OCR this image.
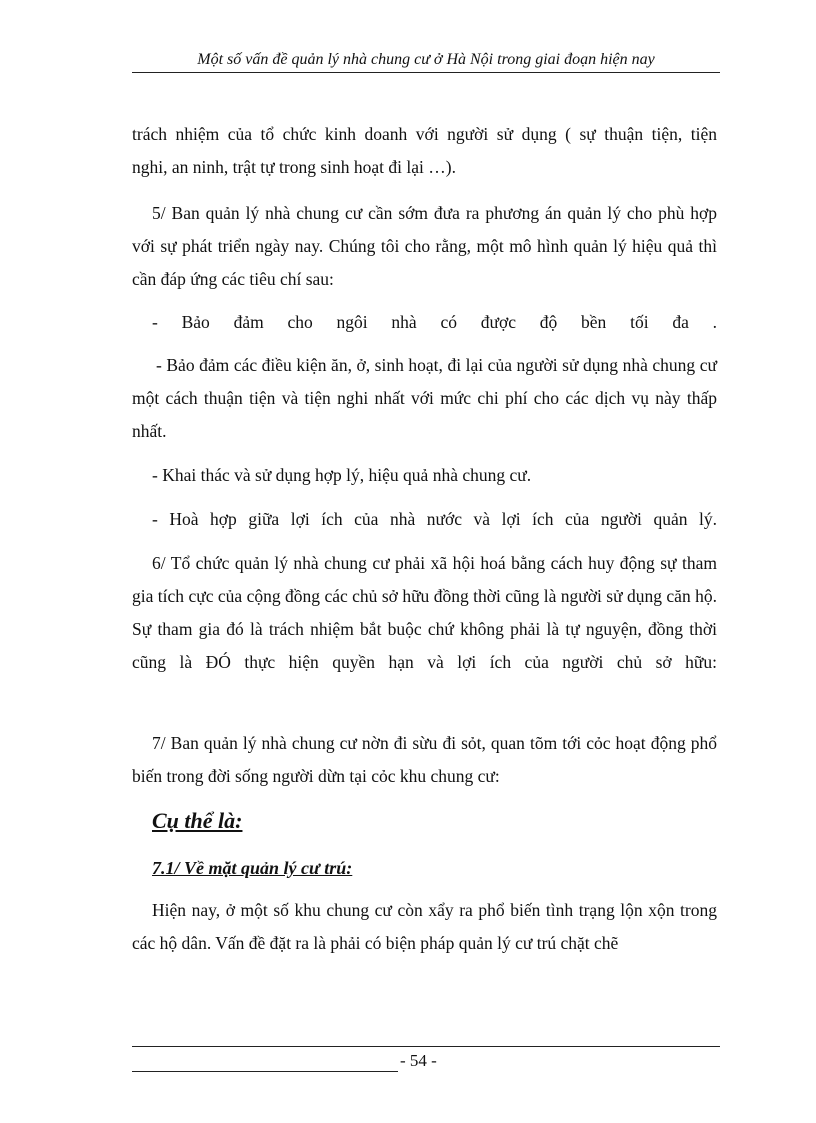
Một số vấn đề quản lý nhà chung cư ở Hà Nội trong giai đoạn hiện nay

trách nhiệm của tổ chức kinh doanh với người sử dụng ( sự thuận tiện, tiện

nghi, an ninh, trật tự trong sinh hoạt đi lại …).

5/ Ban quản lý nhà chung cư cần sớm đưa ra phương án quản lý cho phù hợp với sự phát triển ngày nay. Chúng tôi cho rằng, một mô hình quản lý hiệu quả thì cần đáp ứng các tiêu chí sau:

- Bảo đảm cho ngôi nhà có được độ bền tối đa .

- Bảo đảm các điều kiện ăn, ở, sinh hoạt, đi lại của người sử dụng nhà chung cư một cách thuận tiện và tiện nghi nhất với mức chi phí cho các dịch vụ này thấp nhất.

- Khai thác và sử dụng hợp lý, hiệu quả nhà chung cư.

- Hoà hợp giữa lợi ích của nhà nước và lợi ích của người quản lý.

6/ Tổ chức quản lý nhà chung cư phải xã hội hoá bằng cách huy động sự tham gia tích cực của cộng đồng các chủ sở hữu đồng thời cũng là người sử dụng căn hộ. Sự tham gia đó là trách nhiệm bắt buộc chứ không phải là tự nguyện, đồng thời cũng là ĐÓ thực hiện quyền hạn và lợi ích của người chủ sở hữu:

7/ Ban quản lý nhà chung cư nờn đi sừu đi sỏt, quan tõm tới cỏc hoạt động phổ biến trong đời sống người dừn tại cỏc khu chung cư:

Cụ thể là:
7.1/ Về mặt quản lý cư trú:

Hiện nay, ở một số khu chung cư còn xẩy ra phổ biến tình trạng lộn xộn trong các hộ dân. Vấn đề đặt ra là phải có biện pháp quản lý cư trú chặt chẽ

- 54 -
